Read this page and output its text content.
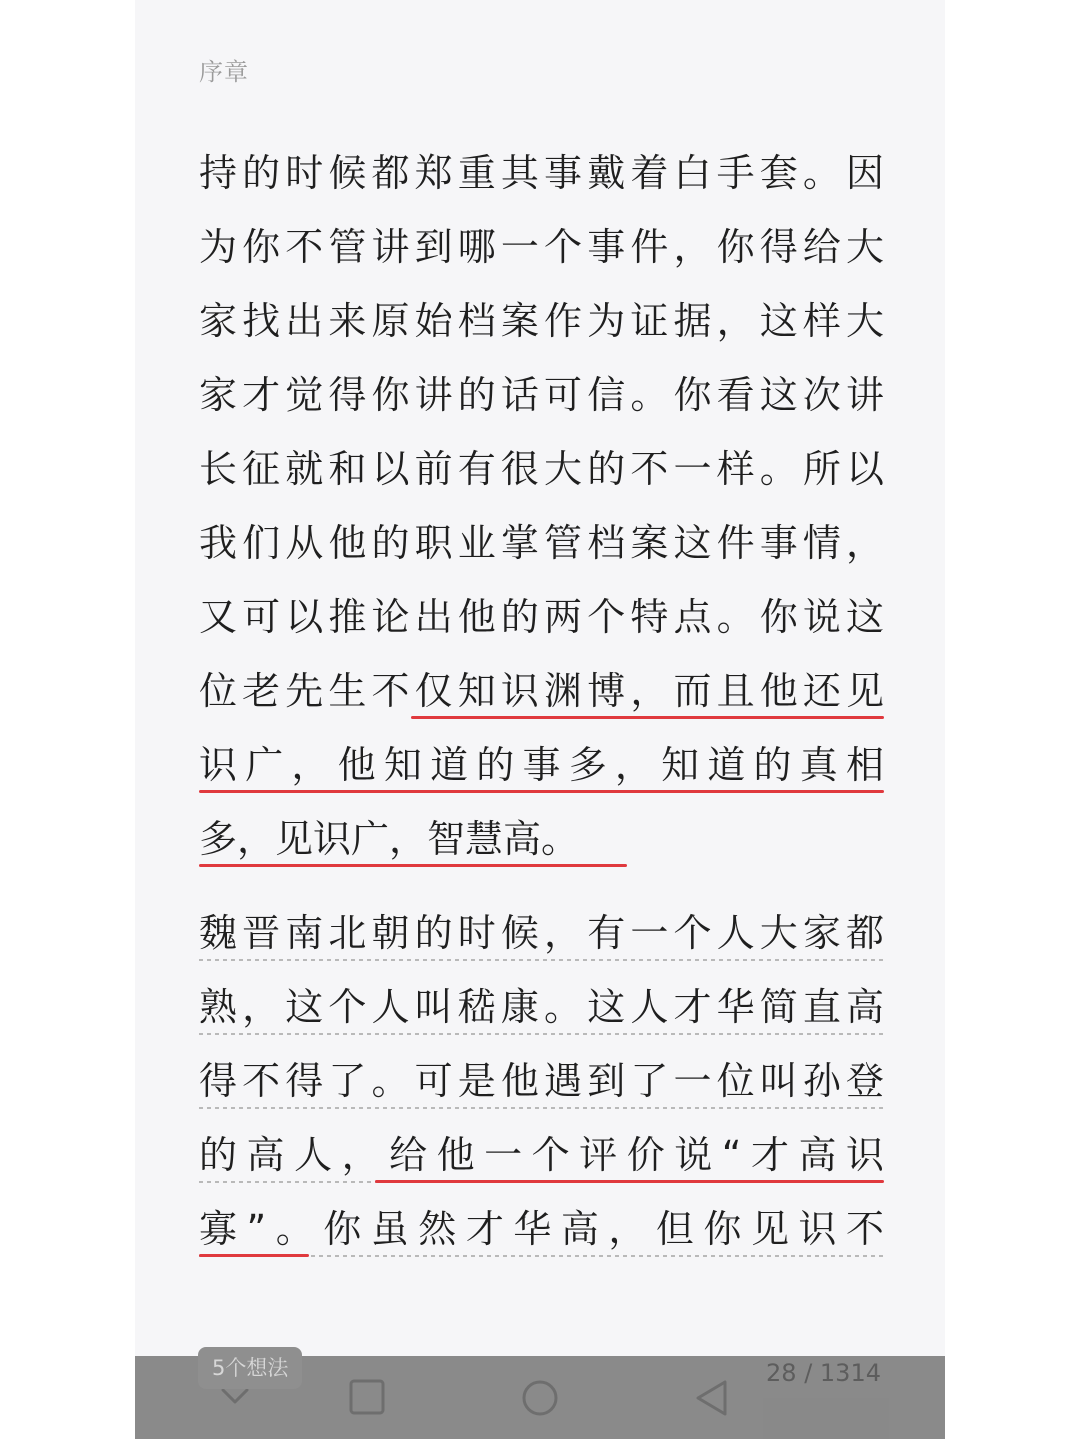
序章
持的时候都郑重其事戴着白手套。因
为你不管讲到哪一个事件，你得给大
家找出来原始档案作为证据，这样大
家才觉得你讲的话可信。你看这次讲
长征就和以前有很大的不一样。所以
我们从他的职业掌管档案这件事情，
又可以推论出他的两个特点。你说这
位老先生不仅知识渊博，而且他还见
识广，他知道的事多，知道的真相
多，见识广，智慧高。
魏晋南北朝的时候，有一个人大家都
熟，这个人叫嵇康。这人才华简直高
得不得了。可是他遇到了一位叫孙登
的高人，给他一个评价说“才高识
寡”。你虽然才华高，但你见识不
5个想法	28 / 1314
